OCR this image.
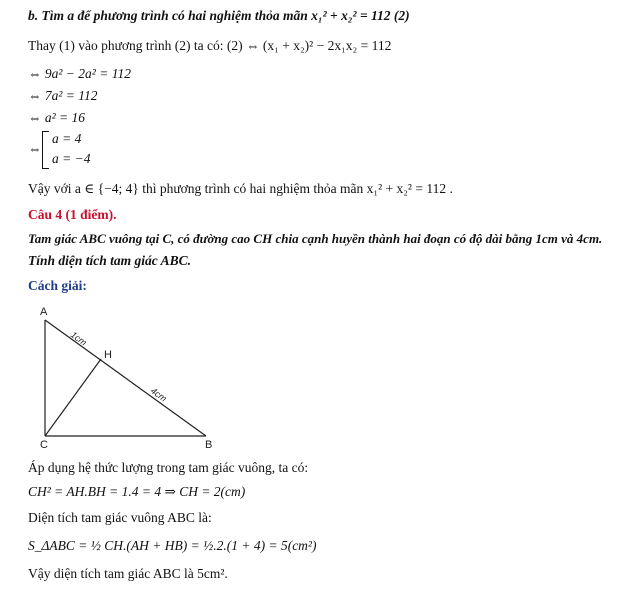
b. Tìm a để phương trình có hai nghiệm thỏa mãn x₁² + x₂² = 112 (2)
Thay (1) vào phương trình (2) ta có: (2) ⇔ (x₁ + x₂)² − 2x₁x₂ = 112
⇔ 9a² − 2a² = 112
⇔ 7a² = 112
⇔ a² = 16
⇔
a = 4
a = −4
Vậy với a ∈ {−4; 4} thì phương trình có hai nghiệm thỏa mãn x₁² + x₂² = 112 .
Câu 4 (1 điểm).
Tam giác ABC vuông tại C, có đường cao CH chia cạnh huyền thành hai đoạn có độ dài bằng 1cm và 4cm.
Tính diện tích tam giác ABC.
Cách giải:
A
H
C	B
1cm
4cm
Áp dụng hệ thức lượng trong tam giác vuông, ta có:
CH² = AH.BH = 1.4 = 4 ⇒ CH = 2(cm)
Diện tích tam giác vuông ABC là:
S_ΔABC = ½ CH.(AH + HB) = ½.2.(1 + 4) = 5(cm²)
Vậy diện tích tam giác ABC là 5cm².
